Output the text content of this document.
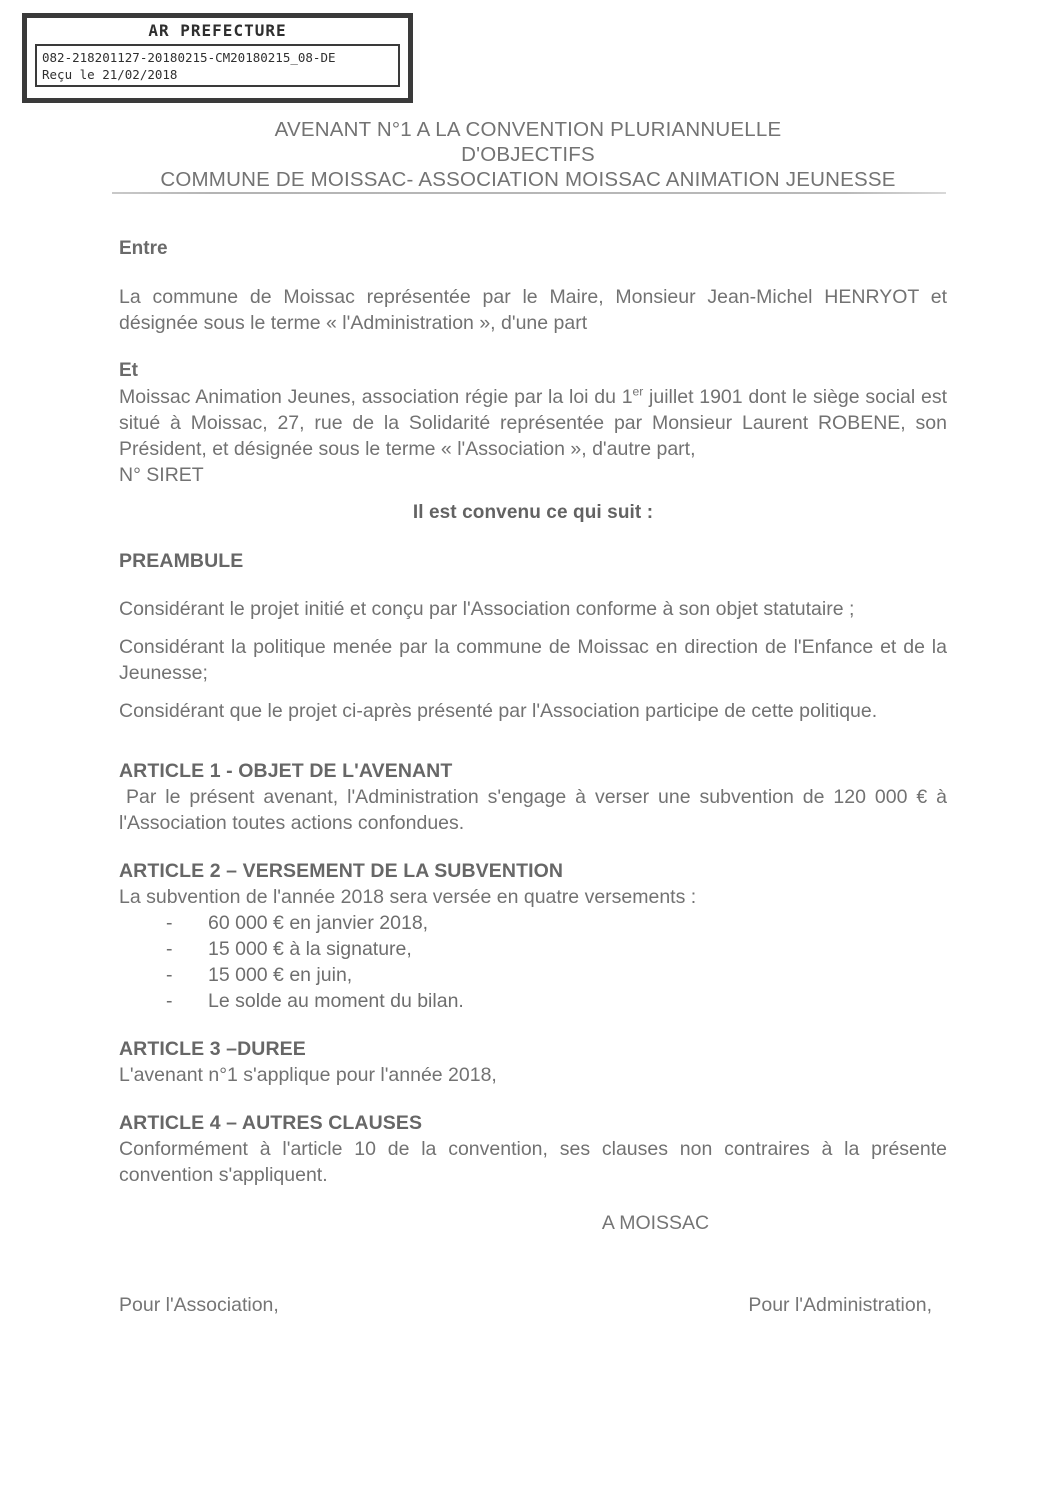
AR PREFECTURE
082-218201127-20180215-CM20180215_08-DE
Reçu le 21/02/2018
AVENANT N°1 A LA CONVENTION PLURIANNUELLE
D'OBJECTIFS
COMMUNE DE MOISSAC- ASSOCIATION MOISSAC ANIMATION JEUNESSE
Entre
La commune de Moissac représentée par le Maire, Monsieur Jean-Michel HENRYOT et désignée sous le terme « l'Administration », d'une part
Et
Moissac Animation Jeunes, association régie par la loi du 1er juillet 1901 dont le siège social est situé à Moissac, 27, rue de la Solidarité représentée par Monsieur Laurent ROBENE, son Président, et désignée sous le terme « l'Association », d'autre part,
N° SIRET
Il est convenu ce qui suit :
PREAMBULE
Considérant le projet initié et conçu par l'Association conforme à son objet statutaire ;
Considérant la politique menée par la commune de Moissac en direction de l'Enfance et de la Jeunesse;
Considérant que le projet ci-après présenté par l'Association participe de cette politique.
ARTICLE 1 - OBJET DE L'AVENANT
Par le présent avenant, l'Administration s'engage à verser une subvention de 120 000 € à l'Association toutes actions confondues.
ARTICLE 2 – VERSEMENT DE LA SUBVENTION
La subvention de l'année 2018 sera versée en quatre versements :
- 60 000 € en janvier 2018,
- 15 000 € à la signature,
- 15 000 € en juin,
- Le solde au moment du bilan.
ARTICLE 3 –DUREE
L'avenant n°1 s'applique pour l'année 2018,
ARTICLE 4 – AUTRES CLAUSES
Conformément à l'article 10 de la convention, ses clauses non contraires à la présente convention s'appliquent.
A MOISSAC
Pour l'Association,	Pour l'Administration,
